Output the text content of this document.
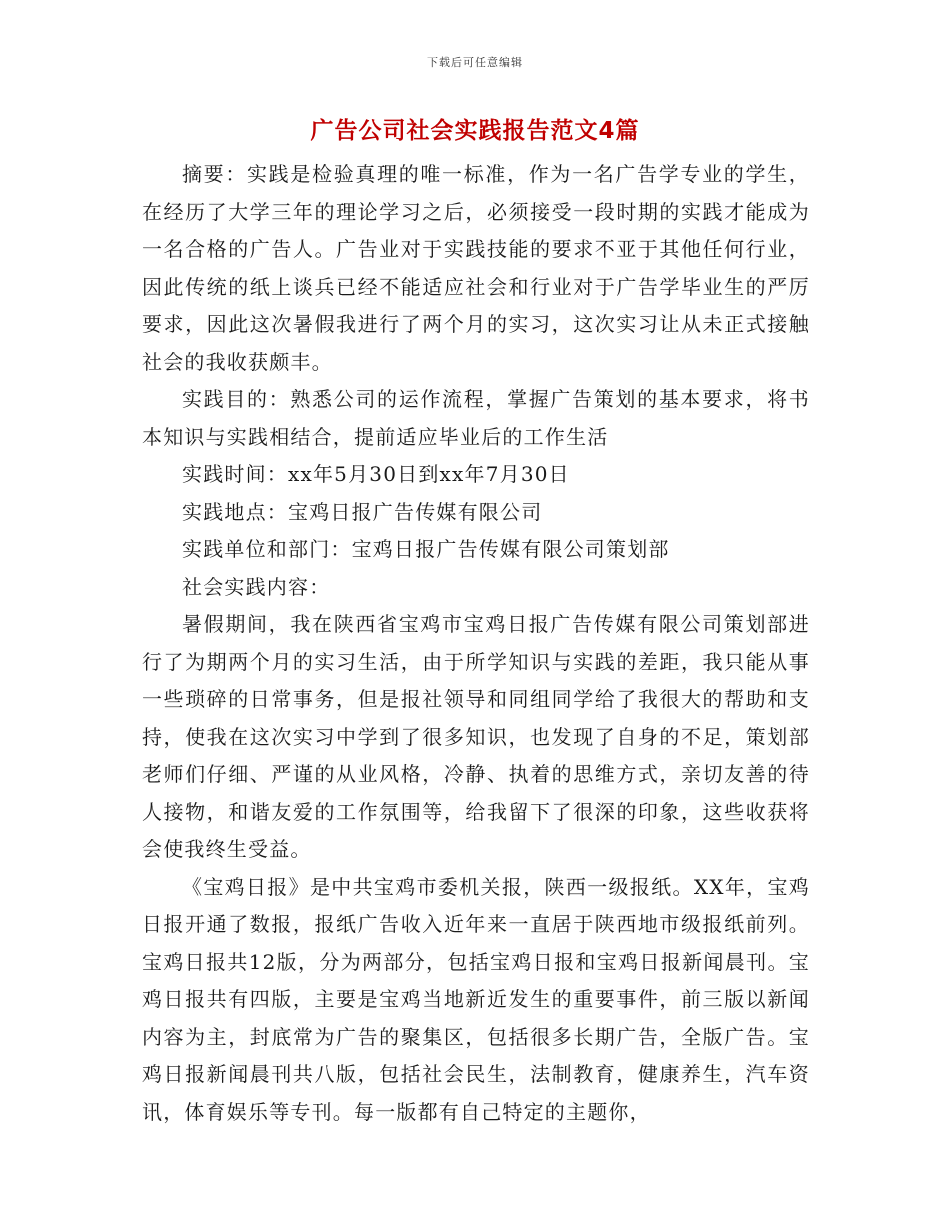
下载后可任意编辑
广告公司社会实践报告范文4篇

摘要：实践是检验真理的唯一标准，作为一名广告学专业的学生，在经历了大学三年的理论学习之后，必须接受一段时期的实践才能成为一名合格的广告人。广告业对于实践技能的要求不亚于其他任何行业，因此传统的纸上谈兵已经不能适应社会和行业对于广告学毕业生的严厉要求，因此这次暑假我进行了两个月的实习，这次实习让从未正式接触社会的我收获颇丰。

实践目的：熟悉公司的运作流程，掌握广告策划的基本要求，将书本知识与实践相结合，提前适应毕业后的工作生活

实践时间：xx年5月30日到xx年7月30日

实践地点：宝鸡日报广告传媒有限公司

实践单位和部门：宝鸡日报广告传媒有限公司策划部

社会实践内容：

暑假期间，我在陕西省宝鸡市宝鸡日报广告传媒有限公司策划部进行了为期两个月的实习生活，由于所学知识与实践的差距，我只能从事一些琐碎的日常事务，但是报社领导和同组同学给了我很大的帮助和支持，使我在这次实习中学到了很多知识，也发现了自身的不足，策划部老师们仔细、严谨的从业风格，冷静、执着的思维方式，亲切友善的待人接物，和谐友爱的工作氛围等，给我留下了很深的印象，这些收获将会使我终生受益。

《宝鸡日报》是中共宝鸡市委机关报，陕西一级报纸。XX年，宝鸡日报开通了数报，报纸广告收入近年来一直居于陕西地市级报纸前列。宝鸡日报共12版，分为两部分，包括宝鸡日报和宝鸡日报新闻晨刊。宝鸡日报共有四版，主要是宝鸡当地新近发生的重要事件，前三版以新闻内容为主，封底常为广告的聚集区，包括很多长期广告，全版广告。宝鸡日报新闻晨刊共八版，包括社会民生，法制教育，健康养生，汽车资讯，体育娱乐等专刊。每一版都有自己特定的主题你，
